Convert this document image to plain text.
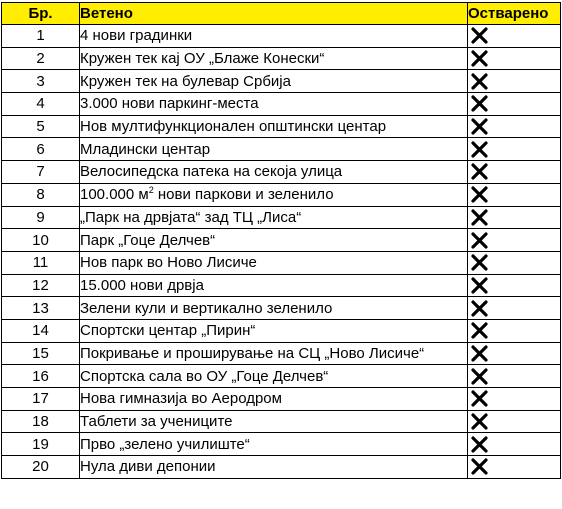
Бр.	Ветено	Остварено
1	4 нови градинки	

2	Кружен тек кај ОУ „Блаже Конески“	

3	Кружен тек на булевар Србија	

4	3.000 нови паркинг-места	

5	Нов мултифункционален општински центар	

6	Младински центар	

7	Велосипедска патека на секоја улица	

8	100.000 $м^2$ нови паркови и зеленило	

9	„Парк на дрвјата“ зад ТЦ „Лиса“	

10	Парк „Гоце Делчев“	

11	Нов парк во Ново Лисиче	

12	15.000 нови дрвја	

13	Зелени кули и вертикално зеленило	

14	Спортски центар „Пирин“	

15	Покривање и проширување на СЦ „Ново Лисиче“	

16	Спортска сала во ОУ „Гоце Делчев“	

17	Нова гимназија во Аеродром	

18	Таблети за учениците	

19	Прво „зелено училиште“	

20	Нула диви депонии	
